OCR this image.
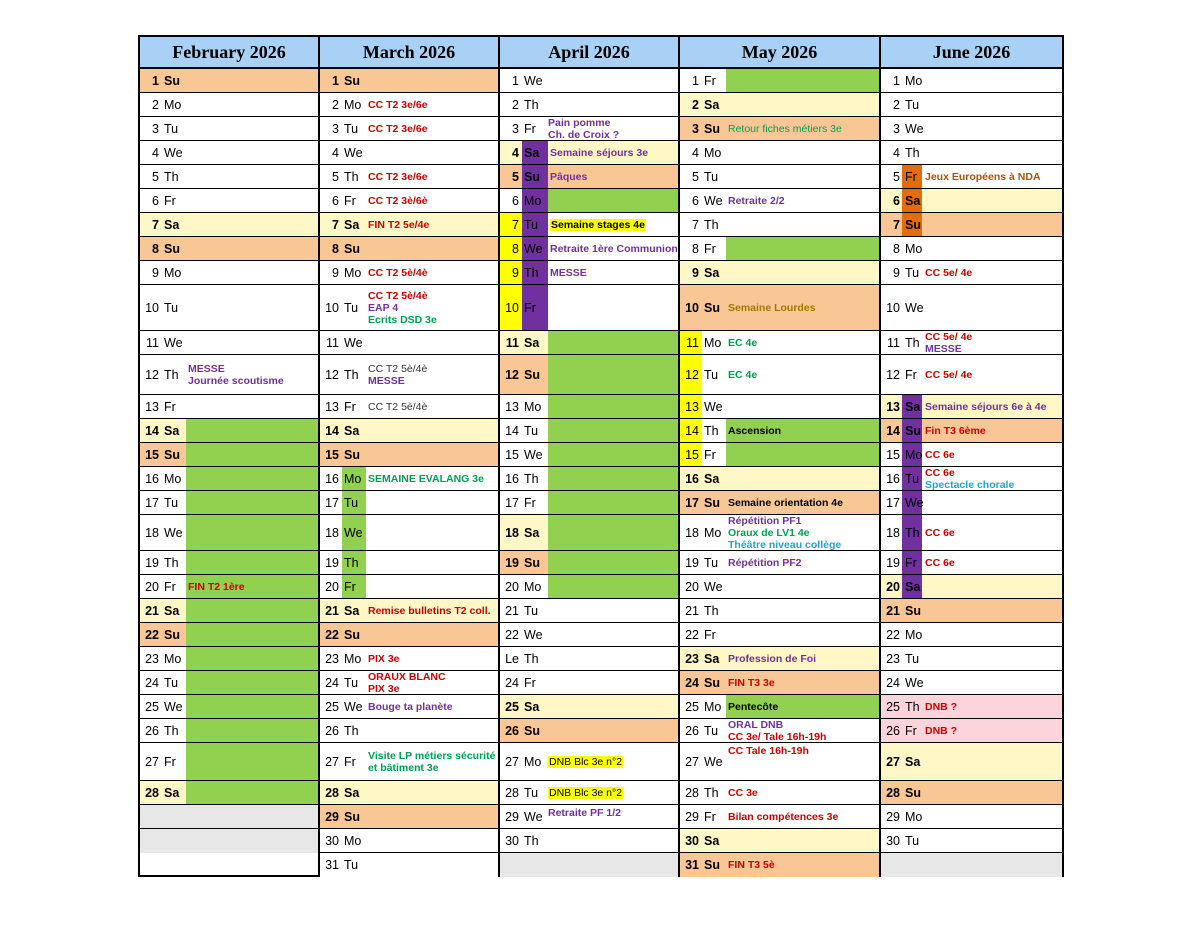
February 2026
1 Su
2 Mo
3 Tu
4 We
5 Th
6 Fr
7 Sa
8 Su
9 Mo
10 Tu
11 We
12 Th MESSE
Journée scoutisme
13 Fr
14 Sa
15 Su
16 Mo
17 Tu
18 We
19 Th
20 Fr FIN T2 1ère
21 Sa
22 Su
23 Mo
24 Tu
25 We
26 Th
27 Fr
28 Sa
March 2026
1 Su
2 Mo CC T2 3e/6e
3 Tu CC T2 3e/6e
4 We
5 Th CC T2 3e/6e
6 Fr CC T2 3è/6è
7 Sa FIN T2 5e/4e
8 Su
9 Mo CC T2 5è/4è
10 Tu
CC T2 5è/4è
EAP 4
Ecrits DSD 3e
11 We
12 Th CC T2 5è/4è
MESSE
13 Fr CC T2 5è/4è
14 Sa
15 Su
16 Mo SEMAINE EVALANG 3e
17 Tu
18 We
19 Th
20 Fr
21 Sa Remise bulletins T2 coll.
22 Su
23 Mo PIX 3e
24 Tu ORAUX BLANC
PIX 3e
25 We Bouge ta planète
26 Th
27 Fr Visite LP métiers sécurité
et bâtiment 3e
28 Sa
29 Su
30 Mo
31 Tu
April 2026
1 We
2 Th
3 Fr Pain pomme
Ch. de Croix ?
4 Sa Semaine séjours 3e
5 Su Pâques
6 Mo
7 Tu Semaine stages 4e
8 We Retraite 1ère Communion
9 Th MESSE
10 Fr
11 Sa
12 Su
13 Mo
14 Tu
15 We
16 Th
17 Fr
18 Sa
19 Su
20 Mo
21 Tu
22 We
Le Th
24 Fr
25 Sa
26 Su
27 Mo DNB Blc 3e n°2
28 Tu DNB Blc 3e n°2
29 We Retraite PF 1/2
30 Th
May 2026
1 Fr
2 Sa
3 Su Retour fiches métiers 3e
4 Mo
5 Tu
6 We Retraite 2/2
7 Th
8 Fr
9 Sa
10 Su Semaine Lourdes
11 Mo EC 4e
12 Tu EC 4e
13 We
14 Th Ascension
15 Fr
16 Sa
17 Su Semaine orientation 4e
18 Mo
Répétition PF1
Oraux de LV1 4e
Théâtre niveau collège
19 Tu Répétition PF2
20 We
21 Th
22 Fr
23 Sa Profession de Foi
24 Su FIN T3 3e
25 Mo Pentecôte
26 Tu ORAL DNB
CC 3e/ Tale 16h-19h
27 We
CC Tale 16h-19h
28 Th CC 3e
29 Fr Bilan compétences 3e
30 Sa
31 Su FIN T3 5è
June 2026
1 Mo
2 Tu
3 We
4 Th
5 Fr Jeux Européens à NDA
6 Sa
7 Su
8 Mo
9 Tu CC 5e/ 4e
10 We
11 Th CC 5e/ 4e
MESSE
12 Fr CC 5e/ 4e
13 Sa Semaine séjours 6e à 4e
14 Su Fin T3 6ème
15 Mo CC 6e
16 Tu CC 6e
Spectacle chorale
17 We
18 Th CC 6e
19 Fr CC 6e
20 Sa
21 Su
22 Mo
23 Tu
24 We
25 Th DNB ?
26 Fr DNB ?
27 Sa
28 Su
29 Mo
30 Tu
